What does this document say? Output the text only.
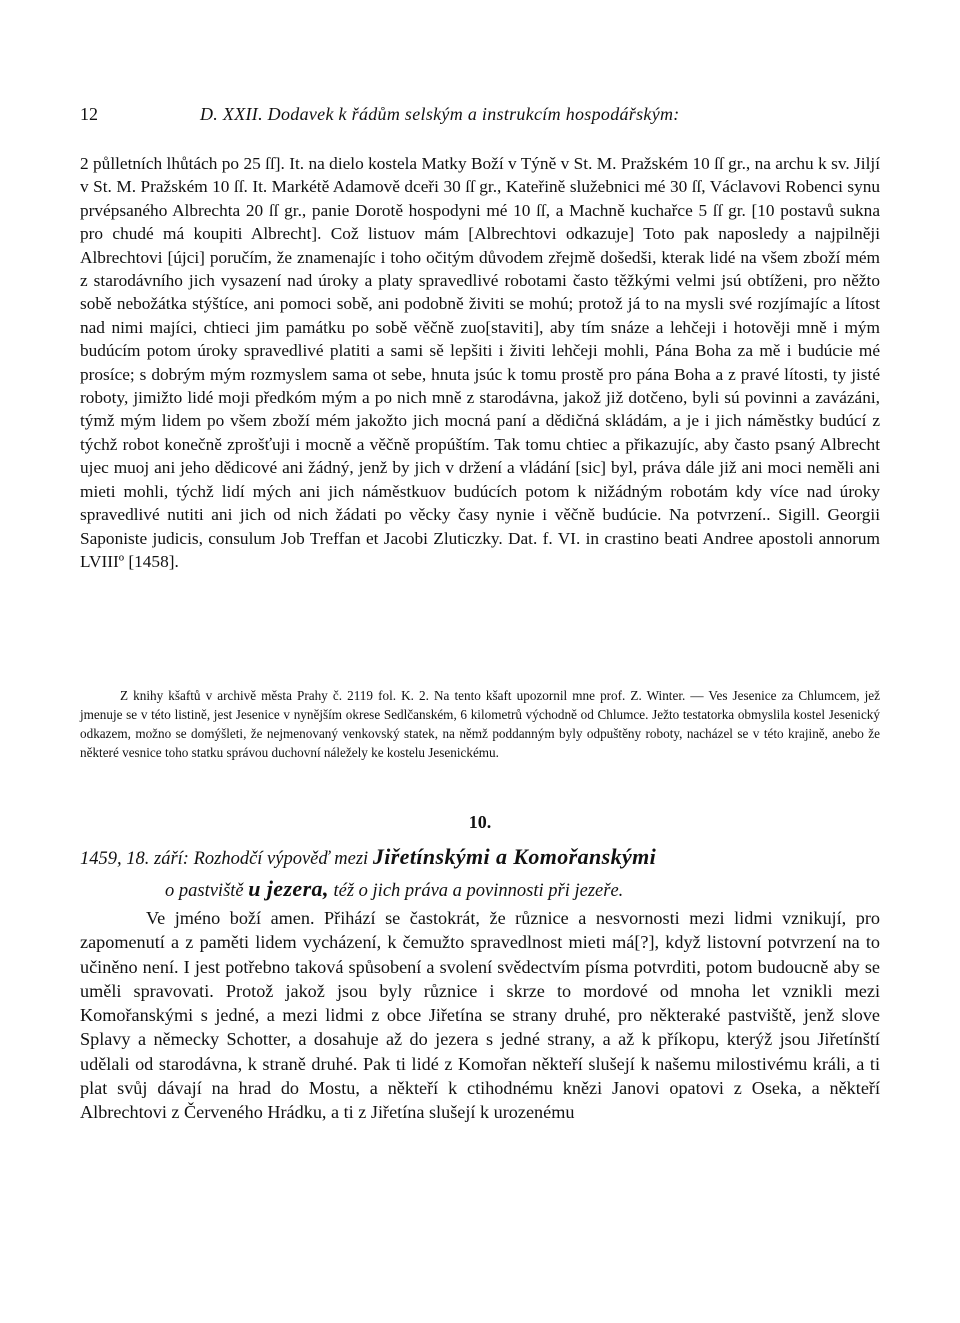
12	D. XXII. Dodavek k řádům selským a instrukcím hospodářským:

2 půlletních lhůtách po 25 ſſ]. It. na dielo kostela Matky Boží v Týně v St. M. Pražském 10 ſſ gr., na archu k sv. Jiljí v St. M. Pražském 10 ſſ. It. Markétě Adamově dceři 30 ſſ gr., Kateřině služebnici mé 30 ſſ, Václavovi Robenci synu prvépsaného Albrechta 20 ſſ gr., panie Dorotě hospodyni mé 10 ſſ, a Machně kuchařce 5 ſſ gr. [10 postavů sukna pro chudé má koupiti Albrecht]. Což listuov mám [Albrechtovi odkazuje] Toto pak naposledy a najpilněji Albrechtovi [újci] poručím, že znamenajíc i toho očitým důvodem zřejmě došedši, kterak lidé na všem zboží mém z starodávního jich vysazení nad úroky a platy spravedlivé robotami často těžkými velmi jsú obtíženi, pro něžto sobě nebožátka stýštíce, ani pomoci sobě, ani podobně živiti se mohú; protož já to na mysli své rozjímajíc a lítost nad nimi majíci, chtieci jim památku po sobě věčně zuo[staviti], aby tím snáze a lehčeji i hotověji mně i mým budúcím potom úroky spravedlivé platiti a sami sě lepšiti i živiti lehčeji mohli, Pána Boha za mě i budúcie mé prosíce; s dobrým mým rozmyslem sama ot sebe, hnuta jsúc k tomu prostě pro pána Boha a z pravé lítosti, ty jisté roboty, jimižto lidé moji předkóm mým a po nich mně z starodávna, jakož již dotčeno, byli sú povinni a zavázáni, týmž mým lidem po všem zboží mém jakožto jich mocná paní a dědičná skládám, a je i jich náměstky budúcí z týchž robot konečně zprošťuji i mocně a věčně propúštím. Tak tomu chtiec a přikazujíc, aby často psaný Albrecht ujec muoj ani jeho dědicové ani žádný, jenž by jich v držení a vládání [sic] byl, práva dále již ani moci neměli ani mieti mohli, týchž lidí mých ani jich náměstkuov budúcích potom k nižádným robotám kdy více nad úroky spravedlivé nutiti ani jich od nich žádati po věcky časy nynie i věčně budúcie. Na potvrzení.. Sigill. Georgii Saponiste judicis, consulum Job Treffan et Jacobi Zluticzky. Dat. f. VI. in crastino beati Andree apostoli annorum LVIIIº [1458].

Z knihy kšaftů v archivě města Prahy č. 2119 fol. K. 2. Na tento kšaft upozornil mne prof. Z. Winter. — Ves Jesenice za Chlumcem, jež jmenuje se v této listině, jest Jesenice v nynějším okrese Sedlčanském, 6 kilometrů východně od Chlumce. Ježto testatorka obmyslila kostel Jesenický odkazem, možno se domýšleti, že nejmenovaný venkovský statek, na němž poddanným byly odpuštěny roboty, nacházel se v této krajině, anebo že některé vesnice toho statku správou duchovní náležely ke kostelu Jesenickému.

10.
1459, 18. září: Rozhodčí výpověď mezi Jiřetínskými a Komořanskými
o pastviště u jezera, též o jich práva a povinnosti při jezeře.

Ve jméno boží amen. Přihází se častokrát, že různice a nesvornosti mezi lidmi vznikují, pro zapomenutí a z paměti lidem vycházení, k čemužto spravedlnost mieti má[?], když listovní potvrzení na to učiněno není. I jest potřebno taková spůsobení a svolení svědectvím písma potvrditi, potom budoucně aby se uměli spravovati. Protož jakož jsou byly různice i skrze to mordové od mnoha let vznikli mezi Komořanskými s jedné, a mezi lidmi z obce Jiřetína se strany druhé, pro některaké pastviště, jenž slove Splavy a německy Schotter, a dosahuje až do jezera s jedné strany, a až k příkopu, kterýž jsou Jiřetínští udělali od starodávna, k straně druhé. Pak ti lidé z Komořan někteří slušejí k našemu milostivému králi, a ti plat svůj dávají na hrad do Mostu, a někteří k ctihodnému knězi Janovi opatovi z Oseka, a někteří Albrechtovi z Červeného Hrádku, a ti z Jiřetína slušejí k urozenému
